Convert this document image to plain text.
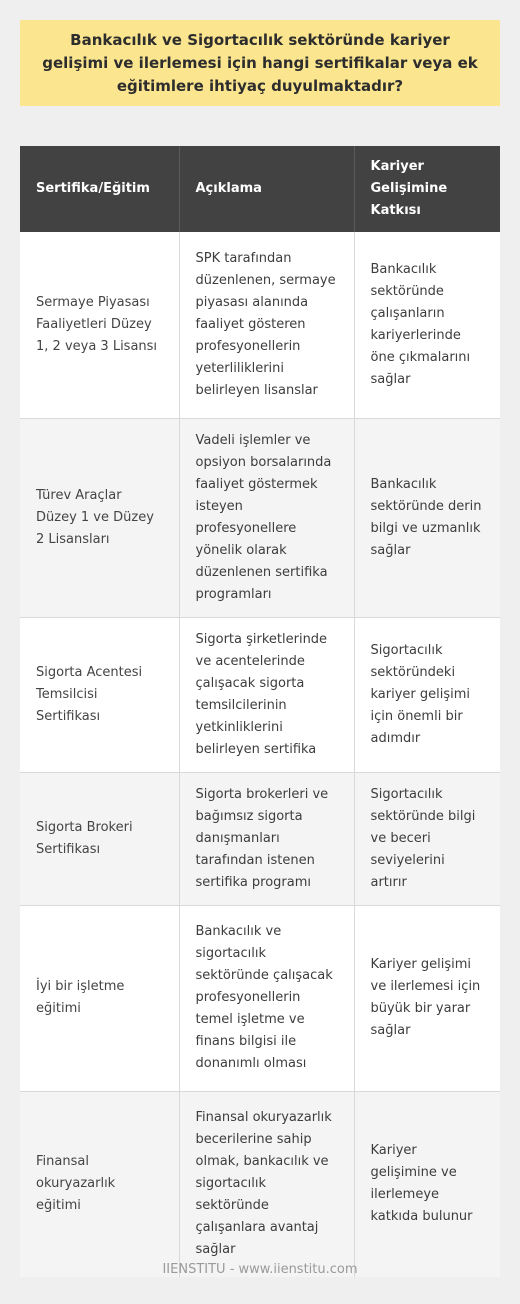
Bankacılık ve Sigortacılık sektöründe kariyer gelişimi ve ilerlemesi için hangi sertifikalar veya ek eğitimlere ihtiyaç duyulmaktadır?
Sertifika/Eğitim	Açıklama	Kariyer Gelişimine Katkısı
Sermaye Piyasası Faaliyetleri Düzey 1, 2 veya 3 Lisansı	SPK tarafından düzenlenen, sermaye piyasası alanında faaliyet gösteren profesyonellerin yeterliliklerini belirleyen lisanslar	Bankacılık sektöründe çalışanların kariyerlerinde öne çıkmalarını sağlar
Türev Araçlar Düzey 1 ve Düzey 2 Lisansları	Vadeli işlemler ve opsiyon borsalarında faaliyet göstermek isteyen profesyonellere yönelik olarak düzenlenen sertifika programları	Bankacılık sektöründe derin bilgi ve uzmanlık sağlar
Sigorta Acentesi Temsilcisi Sertifikası	Sigorta şirketlerinde ve acentelerinde çalışacak sigorta temsilcilerinin yetkinliklerini belirleyen sertifika	Sigortacılık sektöründeki kariyer gelişimi için önemli bir adımdır
Sigorta Brokeri Sertifikası	Sigorta brokerleri ve bağımsız sigorta danışmanları tarafından istenen sertifika programı	Sigortacılık sektöründe bilgi ve beceri seviyelerini artırır
İyi bir işletme eğitimi	Bankacılık ve sigortacılık sektöründe çalışacak profesyonellerin temel işletme ve finans bilgisi ile donanımlı olması	Kariyer gelişimi ve ilerlemesi için büyük bir yarar sağlar
Finansal okuryazarlık eğitimi	Finansal okuryazarlık becerilerine sahip olmak, bankacılık ve sigortacılık sektöründe çalışanlara avantaj sağlar	Kariyer gelişimine ve ilerlemeye katkıda bulunur
IIENSTITU - www.iienstitu.com
